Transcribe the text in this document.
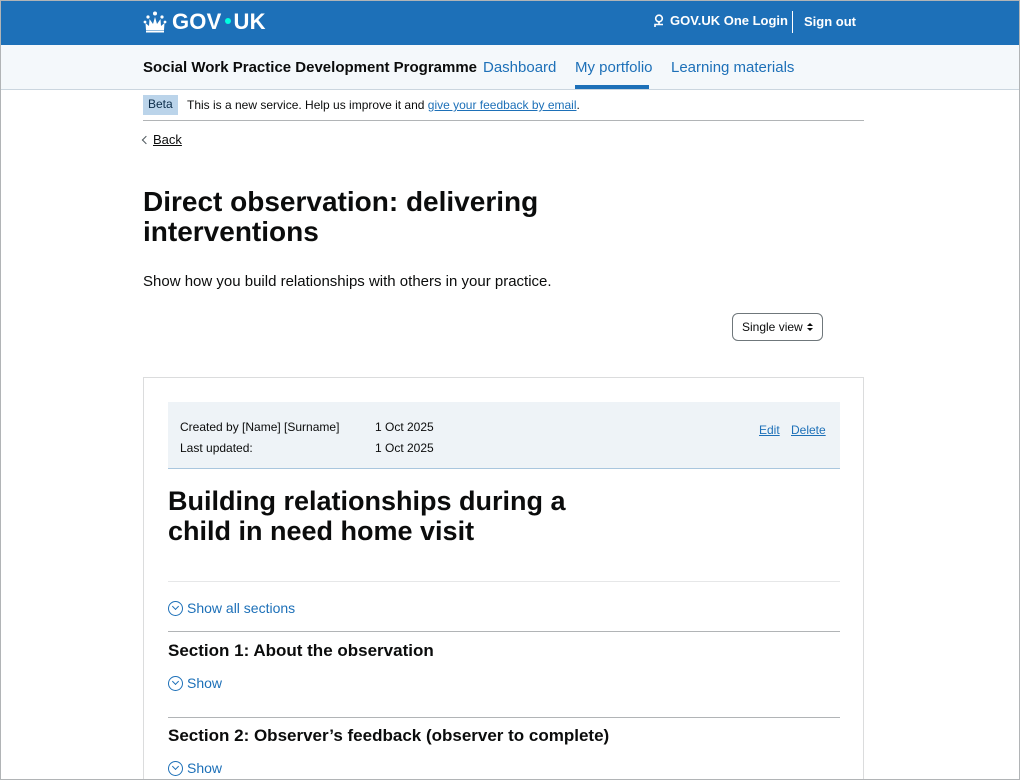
GOV UK	GOV.UK One Login Sign out
Social Work Practice Development Programme Dashboard My portfolio Learning materials
Beta	This is a new service. Help us improve it and give your feedback by email.
Back
Direct observation: delivering interventions

Show how you build relationships with others in your practice.

Single view
Created by [Name] [Surname]	1 Oct 2025
Last updated:	1 Oct 2025
Edit Delete
Building relationships during a child in need home visit
Show all sections
Section 1: About the observation
Show
Section 2: Observer’s feedback (observer to complete)
Show
